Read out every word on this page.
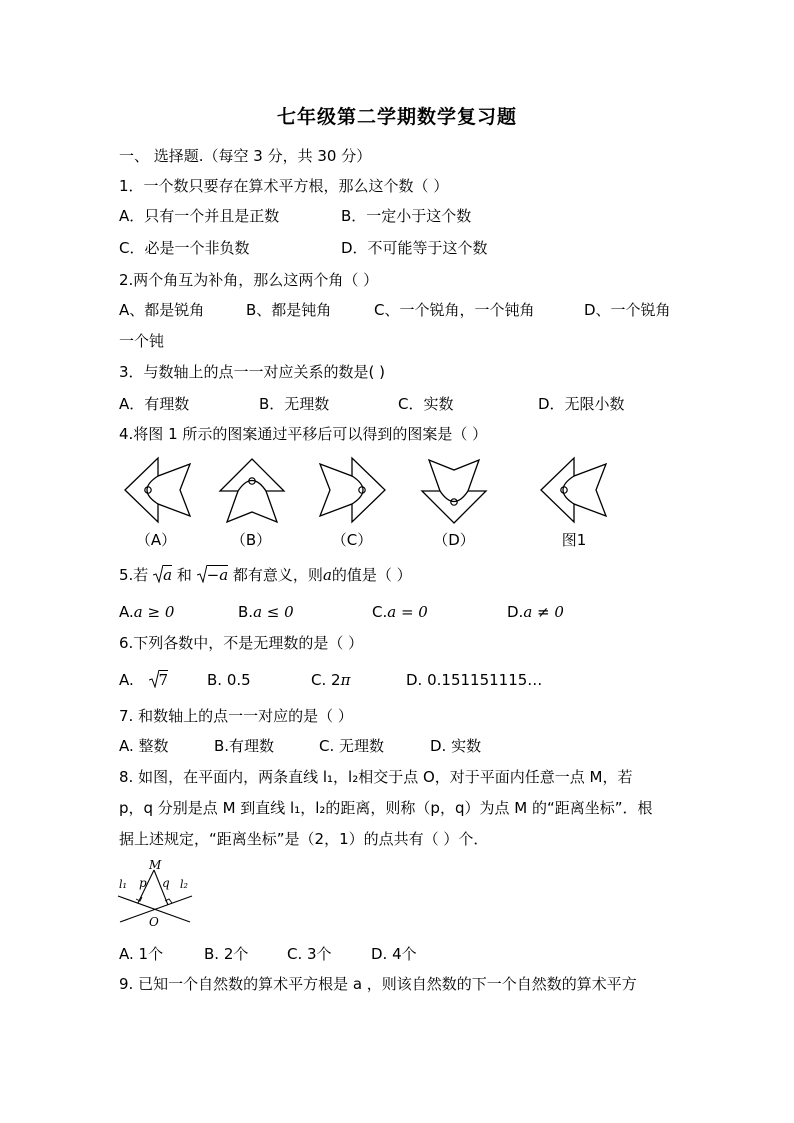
七年级第二学期数学复习题
一、 选择题.（每空 3 分，共 30 分）
1．一个数只要存在算术平方根，那么这个数（ ）
A．只有一个并且是正数	B．一定小于这个数
C．必是一个非负数	D．不可能等于这个数
2.两个角互为补角，那么这两个角（ ）
A、都是锐角	B、都是钝角	C、一个锐角，一个钝角	D、一个锐角
一个钝
3．与数轴上的点一一对应关系的数是( )
A．有理数	B．无理数	C．实数	D．无限小数
4.将图 1 所示的图案通过平移后可以得到的图案是（ ）
（A）	（B）	（C）	（D）	图1
5.若 a 和 −a 都有意义，则a的值是（ ）
A.a ≥ 0	B.a ≤ 0	C.a = 0	D.a ≠ 0
6.下列各数中，不是无理数的是（ ）
A. 7	B. 0.5	C. 2π	D. 0.151151115…
7. 和数轴上的点一一对应的是（ ）
A. 整数	B.有理数	C. 无理数	D. 实数
8. 如图，在平面内，两条直线 l₁，l₂相交于点 O，对于平面内任意一点 M，若
p，q 分别是点 M 到直线 l₁，l₂的距离，则称（p，q）为点 M 的“距离坐标”．根
据上述规定，“距离坐标”是（2，1）的点共有（ ）个．
M
p q
l₁	l₂
O
A. 1个	B. 2个	C. 3个	D. 4个
9. 已知一个自然数的算术平方根是 a ，则该自然数的下一个自然数的算术平方
